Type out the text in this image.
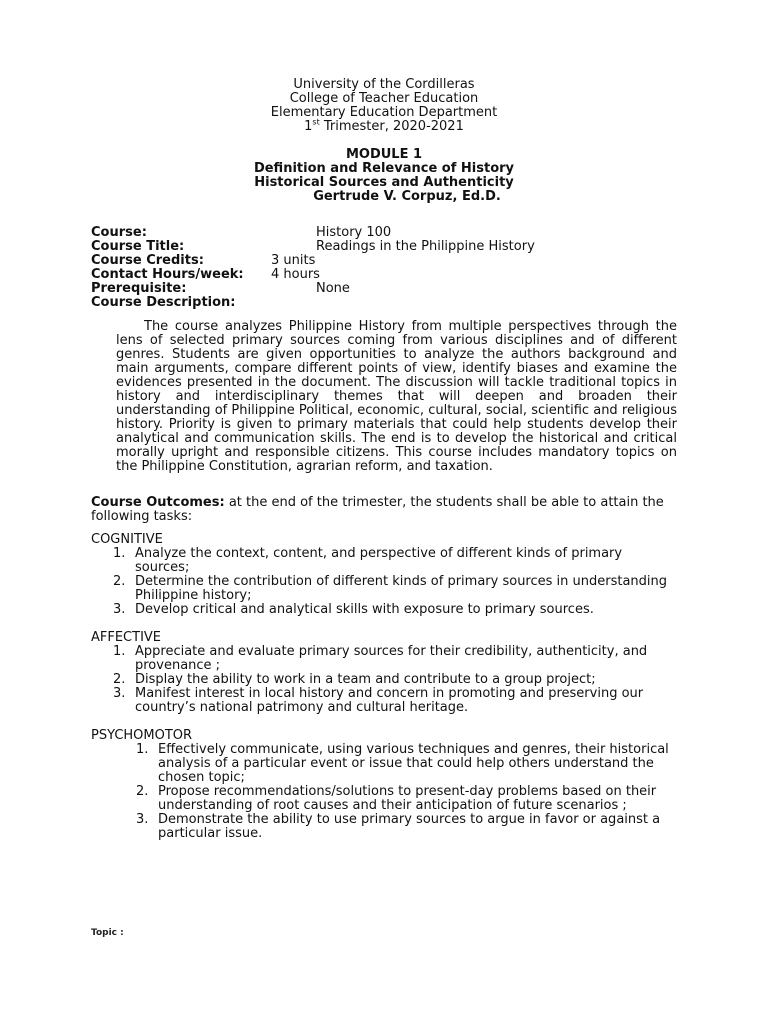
University of the Cordilleras
College of Teacher Education
Elementary Education Department
1st Trimester, 2020-2021
MODULE 1
Definition and Relevance of History
Historical Sources and Authenticity
Gertrude V. Corpuz, Ed.D.
Course:	History 100
Course Title:	Readings in the Philippine History
Course Credits:	3 units
Contact Hours/week: 4 hours
Prerequisite:	None
Course Description:

The course analyzes Philippine History from multiple perspectives through the lens of selected primary sources coming from various disciplines and of different genres. Students are given opportunities to analyze the authors background and main arguments, compare different points of view, identify biases and examine the evidences presented in the document. The discussion will tackle traditional topics in history and interdisciplinary themes that will deepen and broaden their understanding of Philippine Political, economic, cultural, social, scientific and religious history. Priority is given to primary materials that could help students develop their analytical and communication skills. The end is to develop the historical and critical morally upright and responsible citizens. This course includes mandatory topics on the Philippine Constitution, agrarian reform, and taxation.

Course Outcomes: at the end of the trimester, the students shall be able to attain the following tasks:
COGNITIVE
1. Analyze the context, content, and perspective of different kinds of primary sources;
2. Determine the contribution of different kinds of primary sources in understanding Philippine history;
3. Develop critical and analytical skills with exposure to primary sources.
AFFECTIVE
1. Appreciate and evaluate primary sources for their credibility, authenticity, and provenance ;
2. Display the ability to work in a team and contribute to a group project;
3. Manifest interest in local history and concern in promoting and preserving our country’s national patrimony and cultural heritage.
PSYCHOMOTOR
1. Effectively communicate, using various techniques and genres, their historical analysis of a particular event or issue that could help others understand the chosen topic;
2. Propose recommendations/solutions to present-day problems based on their understanding of root causes and their anticipation of future scenarios ;
3. Demonstrate the ability to use primary sources to argue in favor or against a particular issue.
Topic :
